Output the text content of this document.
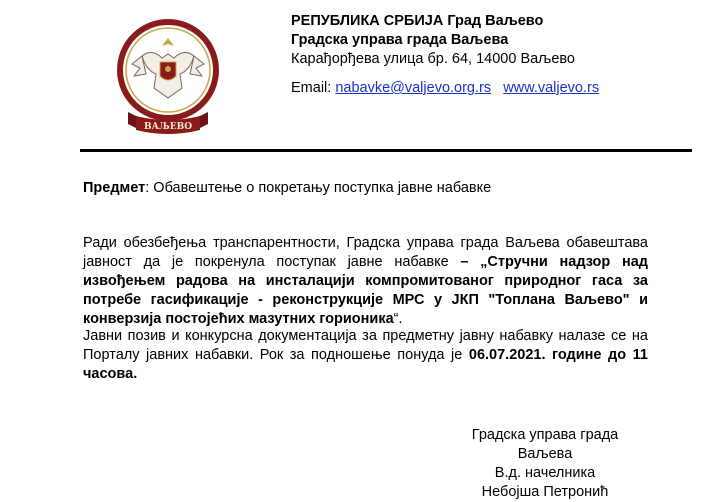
ВАЉЕВО
РЕПУБЛИКА СРБИЈА Град Ваљево
Градска управа града Ваљева
Карађорђева улица бр. 64, 14000 Ваљево
Email: nabavke@valjevo.org.rs www.valjevo.rs
Предмет: Обавештење о покретању поступка јавне набавке
Ради обезбеђења транспарентности, Градска управа града Ваљева обавештава јавност да је покренула поступак јавне набавке – „Стручни надзор над извођењем радова на инсталацији компромитованог природног гаса за потребе гасификације - реконструкције МРС у ЈКП "Топлана Ваљево" и конверзија постојећих мазутних горионика“.
Јавни позив и конкурсна документација за предметну јавну набавку налазе се на Порталу јавних набавки. Рок за подношење понуда је 06.07.2021. године до 11 часова.
Градска управа града Ваљева
В.д. начелника
Небојша Петронић
